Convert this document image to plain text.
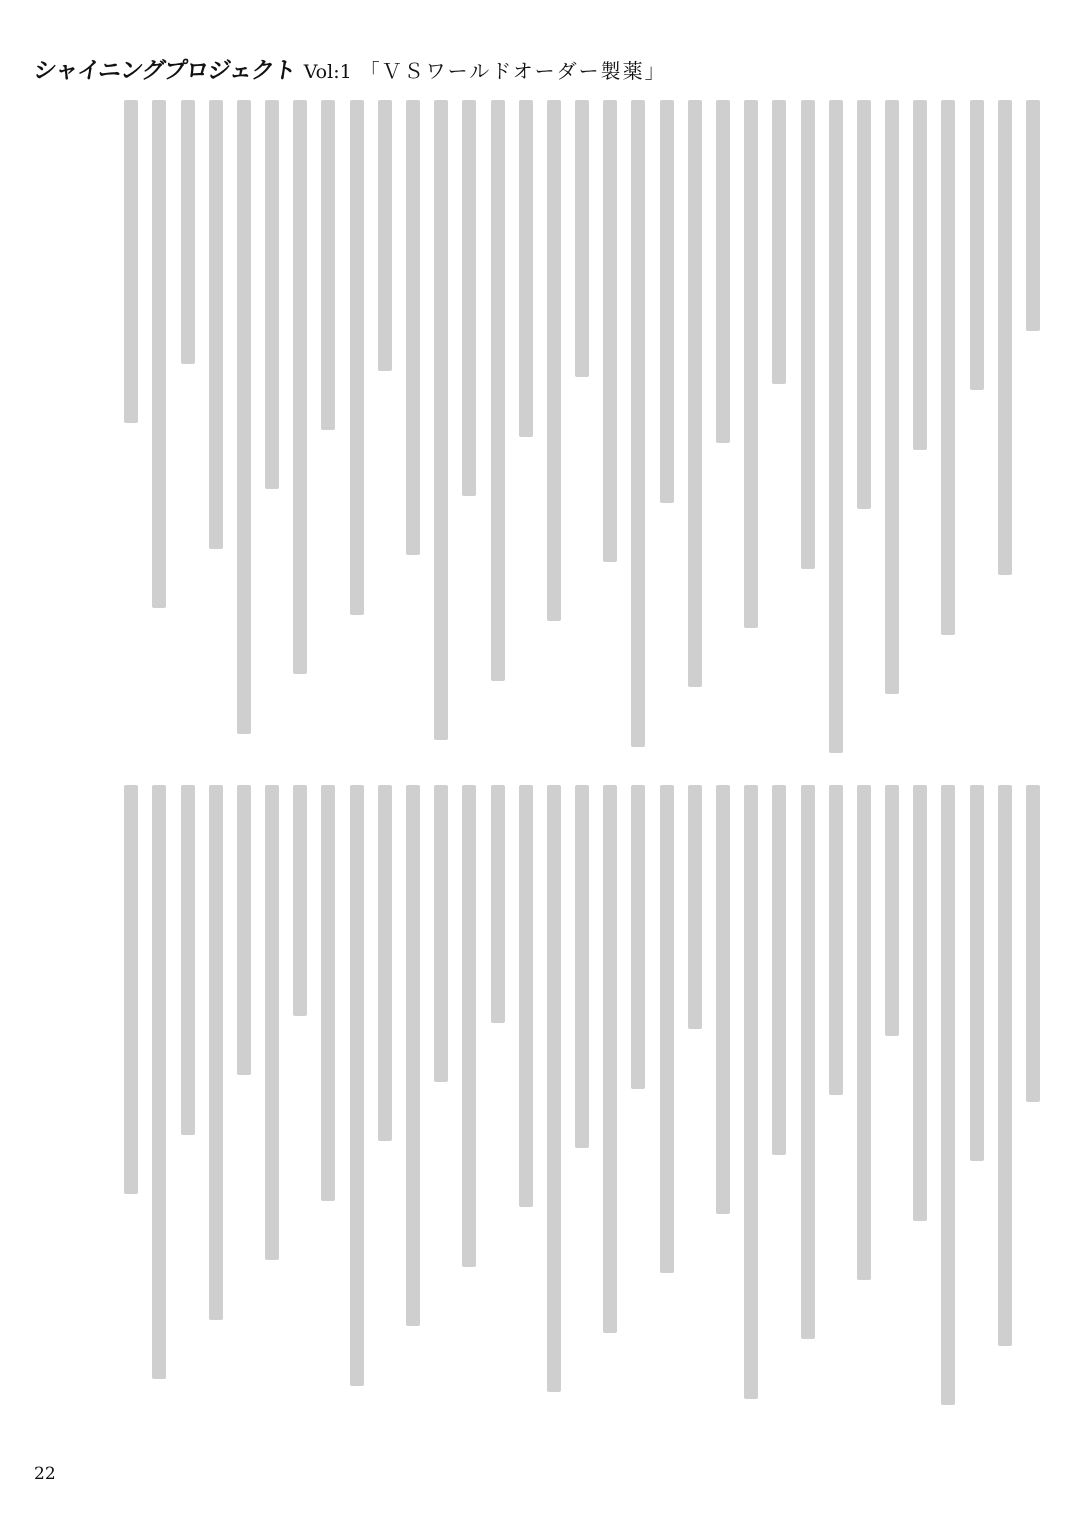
シャイニングプロジェクト Vol:1 「ＶＳワールドオーダー製薬」
22
